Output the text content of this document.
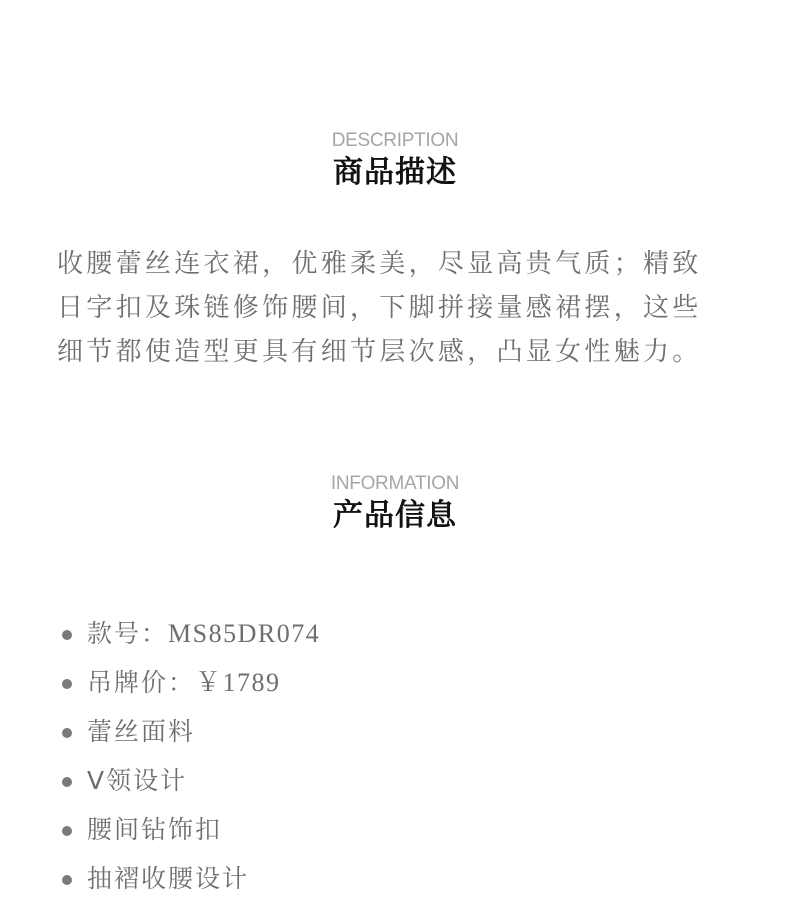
DESCRIPTION
商品描述

收腰蕾丝连衣裙，优雅柔美，尽显高贵气质；精致

日字扣及珠链修饰腰间，下脚拼接量感裙摆，这些

细节都使造型更具有细节层次感，凸显女性魅力。

INFORMATION
产品信息
款号：MS85DR074
吊牌价：￥1789
蕾丝面料
V领设计
腰间钻饰扣
抽褶收腰设计
